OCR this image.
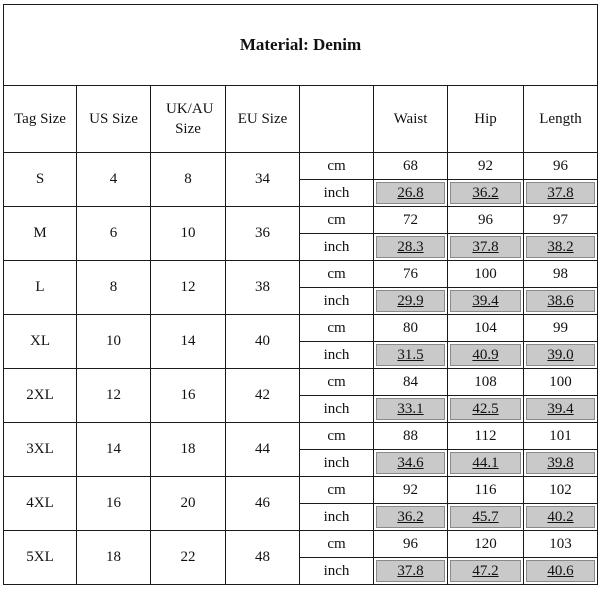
Material: Denim							
Tag Size	US Size	UK/AU Size	EU Size		Waist	Hip	Length
S	4	8	34	cm	68	92	96
				inch	26.8	36.2	37.8
M	6	10	36	cm	72	96	97
				inch	28.3	37.8	38.2
L	8	12	38	cm	76	100	98
				inch	29.9	39.4	38.6
XL	10	14	40	cm	80	104	99
				inch	31.5	40.9	39.0
2XL	12	16	42	cm	84	108	100
				inch	33.1	42.5	39.4
3XL	14	18	44	cm	88	112	101
				inch	34.6	44.1	39.8
4XL	16	20	46	cm	92	116	102
				inch	36.2	45.7	40.2
5XL	18	22	48	cm	96	120	103
				inch	37.8	47.2	40.6
